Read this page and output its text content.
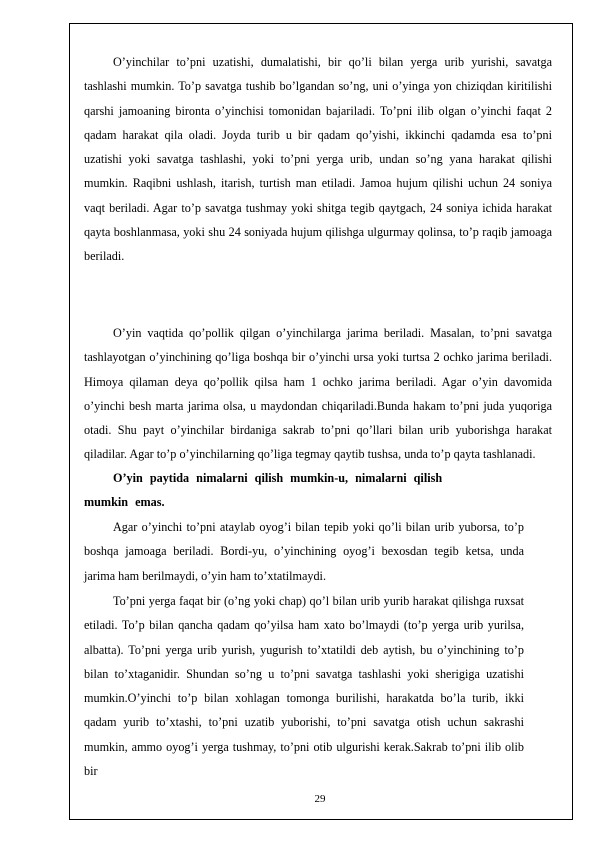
O’yinchilar to’pni uzatishi, dumalatishi, bir qo’li bilan yerga urib yurishi, savatga tashlashi mumkin. To’p savatga tushib bo’lgandan so’ng, uni o’yinga yon chiziqdan kiritilishi qarshi jamoaning bironta o’yinchisi tomonidan bajariladi. To’pni ilib olgan o’yinchi faqat 2 qadam harakat qila oladi. Joyda turib u bir qadam qo’yishi, ikkinchi qadamda esa to’pni uzatishi yoki savatga tashlashi, yoki to’pni yerga urib, undan so’ng yana harakat qilishi mumkin. Raqibni ushlash, itarish, turtish man etiladi. Jamoa hujum qilishi uchun 24 soniya vaqt beriladi. Agar to’p savatga tushmay yoki shitga tegib qaytgach, 24 soniya ichida harakat qayta boshlanmasa, yoki shu 24 soniyada hujum qilishga ulgurmay qolinsa, to’p raqib jamoaga beriladi.

O’yin vaqtida qo’pollik qilgan o’yinchilarga jarima beriladi. Masalan, to’pni savatga tashlayotgan o’yinchining qo’liga boshqa bir o’yinchi ursa yoki turtsa 2 ochko jarima beriladi. Himoya qilaman deya qo’pollik qilsa ham 1 ochko jarima beriladi. Agar o’yin davomida o’yinchi besh marta jarima olsa, u maydondan chiqariladi.Bunda hakam to’pni juda yuqoriga otadi. Shu payt o’yinchilar birdaniga sakrab to’pni qo’llari bilan urib yuborishga harakat qiladilar. Agar to’p o’yinchilarning qo’liga tegmay qaytib tushsa, unda to’p qayta tashlanadi.

O’yin paytida nimalarni qilish mumkin-u, nimalarni qilish
mumkin emas.

Agar o’yinchi to’pni ataylab oyog’i bilan tepib yoki qo’li bilan urib yuborsa, to’p boshqa jamoaga beriladi. Bordi-yu, o’yinchining oyog’i bexosdan tegib ketsa, unda jarima ham berilmaydi, o’yin ham to’xtatilmaydi.

To’pni yerga faqat bir (o’ng yoki chap) qo’l bilan urib yurib harakat qilishga ruxsat etiladi. To’p bilan qancha qadam qo’yilsa ham xato bo’lmaydi (to’p yerga urib yurilsa, albatta). To’pni yerga urib yurish, yugurish to’xtatildi deb aytish, bu o’yinchining to’p bilan to’xtaganidir. Shundan so’ng u to’pni savatga tashlashi yoki sherigiga uzatishi mumkin.O’yinchi to’p bilan xohlagan tomonga burilishi, harakatda bo’la turib, ikki qadam yurib to’xtashi, to’pni uzatib yuborishi, to’pni savatga otish uchun sakrashi mumkin, ammo oyog’i yerga tushmay, to’pni otib ulgurishi kerak.Sakrab to’pni ilib olib bir

29
